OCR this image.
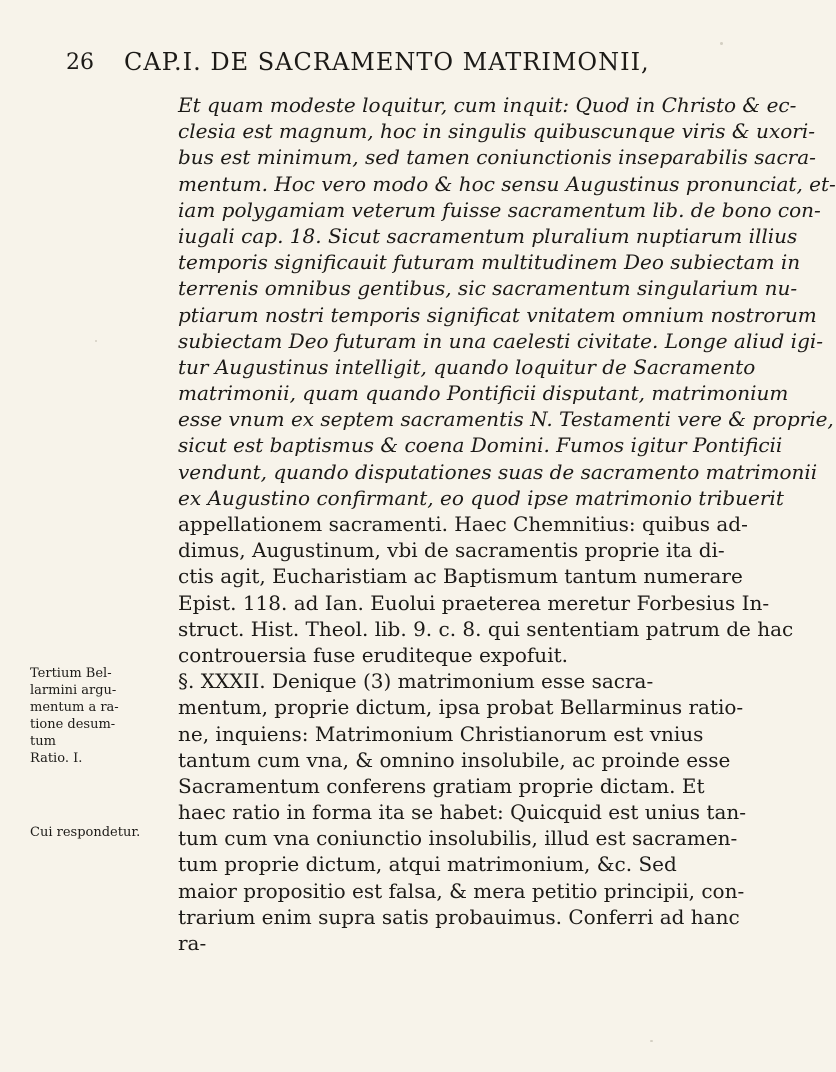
26 CAP.I. DE SACRAMENTO MATRIMONII,
Et quam modeste loquitur, cum inquit: Quod in Christo & ec-
clesia est magnum, hoc in singulis quibuscunque viris & uxori-
bus est minimum, sed tamen coniunctionis inseparabilis sacra-
mentum. Hoc vero modo & hoc sensu Augustinus pronunciat, et-
iam polygamiam veterum fuisse sacramentum lib. de bono con-
iugali cap. 18. Sicut sacramentum pluralium nuptiarum illius
temporis significauit futuram multitudinem Deo subiectam in
terrenis omnibus gentibus, sic sacramentum singularium nu-
ptiarum nostri temporis significat vnitatem omnium nostrorum
subiectam Deo futuram in una caelesti civitate. Longe aliud igi-
tur Augustinus intelligit, quando loquitur de Sacramento
matrimonii, quam quando Pontificii disputant, matrimonium
esse vnum ex septem sacramentis N. Testamenti vere & proprie,
sicut est baptismus & coena Domini. Fumos igitur Pontificii
vendunt, quando disputationes suas de sacramento matrimonii
ex Augustino confirmant, eo quod ipse matrimonio tribuerit
appellationem sacramenti. Haec Chemnitius: quibus ad-
dimus, Augustinum, vbi de sacramentis proprie ita di-
ctis agit, Eucharistiam ac Baptismum tantum numerare
Epist. 118. ad Ian. Euolui praeterea meretur Forbesius In-
struct. Hist. Theol. lib. 9. c. 8. qui sententiam patrum de hac
controuersia fuse eruditeque expofuit.
§. XXXII. Denique (3) matrimonium esse sacra-
mentum, proprie dictum, ipsa probat Bellarminus ratio-
ne, inquiens: Matrimonium Christianorum est vnius
tantum cum vna, & omnino insolubile, ac proinde esse
Sacramentum conferens gratiam proprie dictam. Et
haec ratio in forma ita se habet: Quicquid est unius tan-
tum cum vna coniunctio insolubilis, illud est sacramen-
tum proprie dictum, atqui matrimonium, &c. Sed
maior propositio est falsa, & mera petitio principii, con-
trarium enim supra satis probauimus. Conferri ad hanc
ra-
Tertium Bel-
larmini argu-
mentum a ra-
tione desum-
tum
Ratio. I.
Cui respondetur.
